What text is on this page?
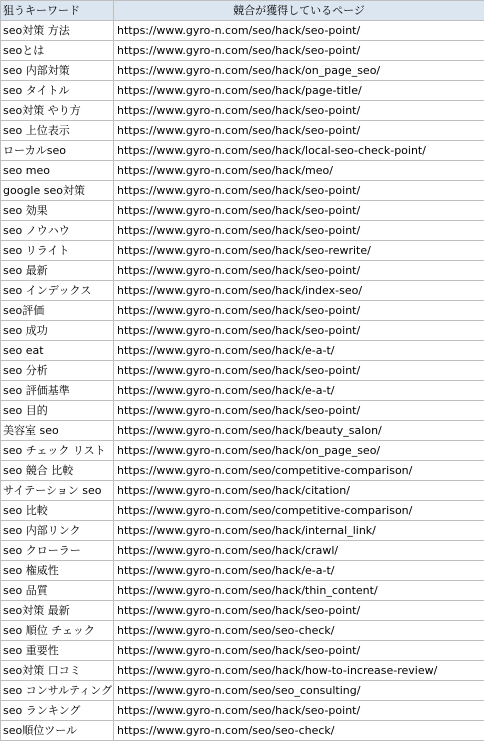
狙うキーワード	競合が獲得しているページ
seo対策 方法	https://www.gyro-n.com/seo/hack/seo-point/
seoとは	https://www.gyro-n.com/seo/hack/seo-point/
seo 内部対策	https://www.gyro-n.com/seo/hack/on_page_seo/
seo タイトル	https://www.gyro-n.com/seo/hack/page-title/
seo対策 やり方	https://www.gyro-n.com/seo/hack/seo-point/
seo 上位表示	https://www.gyro-n.com/seo/hack/seo-point/
ローカルseo	https://www.gyro-n.com/seo/hack/local-seo-check-point/
seo meo	https://www.gyro-n.com/seo/hack/meo/
google seo対策	https://www.gyro-n.com/seo/hack/seo-point/
seo 効果	https://www.gyro-n.com/seo/hack/seo-point/
seo ノウハウ	https://www.gyro-n.com/seo/hack/seo-point/
seo リライト	https://www.gyro-n.com/seo/hack/seo-rewrite/
seo 最新	https://www.gyro-n.com/seo/hack/seo-point/
seo インデックス	https://www.gyro-n.com/seo/hack/index-seo/
seo評価	https://www.gyro-n.com/seo/hack/seo-point/
seo 成功	https://www.gyro-n.com/seo/hack/seo-point/
seo eat	https://www.gyro-n.com/seo/hack/e-a-t/
seo 分析	https://www.gyro-n.com/seo/hack/seo-point/
seo 評価基準	https://www.gyro-n.com/seo/hack/e-a-t/
seo 目的	https://www.gyro-n.com/seo/hack/seo-point/
美容室 seo	https://www.gyro-n.com/seo/hack/beauty_salon/
seo チェック リスト	https://www.gyro-n.com/seo/hack/on_page_seo/
seo 競合 比較	https://www.gyro-n.com/seo/competitive-comparison/
サイテーション seo	https://www.gyro-n.com/seo/hack/citation/
seo 比較	https://www.gyro-n.com/seo/competitive-comparison/
seo 内部リンク	https://www.gyro-n.com/seo/hack/internal_link/
seo クローラー	https://www.gyro-n.com/seo/hack/crawl/
seo 権威性	https://www.gyro-n.com/seo/hack/e-a-t/
seo 品質	https://www.gyro-n.com/seo/hack/thin_content/
seo対策 最新	https://www.gyro-n.com/seo/hack/seo-point/
seo 順位 チェック	https://www.gyro-n.com/seo/seo-check/
seo 重要性	https://www.gyro-n.com/seo/hack/seo-point/
seo対策 口コミ	https://www.gyro-n.com/seo/hack/how-to-increase-review/
seo コンサルティング	https://www.gyro-n.com/seo/seo_consulting/
seo ランキング	https://www.gyro-n.com/seo/hack/seo-point/
seo順位ツール	https://www.gyro-n.com/seo/seo-check/
